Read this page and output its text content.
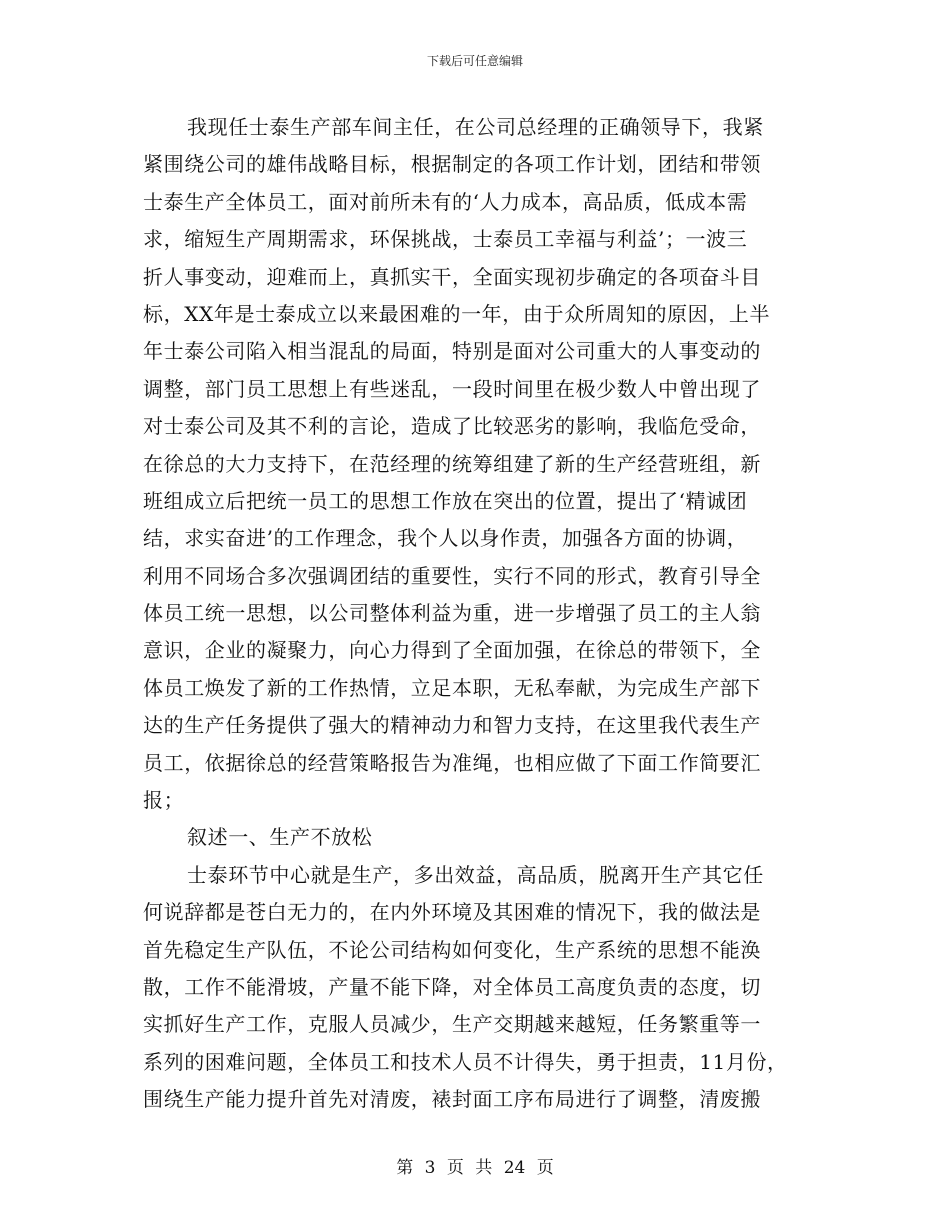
下载后可任意编辑
我现任士泰生产部车间主任，在公司总经理的正确领导下，我紧
紧围绕公司的雄伟战略目标，根据制定的各项工作计划，团结和带领
士泰生产全体员工，面对前所未有的‘人力成本，高品质，低成本需
求，缩短生产周期需求，环保挑战，士泰员工幸福与利益’；一波三
折人事变动，迎难而上，真抓实干，全面实现初步确定的各项奋斗目
标，XX年是士泰成立以来最困难的一年，由于众所周知的原因，上半
年士泰公司陷入相当混乱的局面，特别是面对公司重大的人事变动的
调整，部门员工思想上有些迷乱，一段时间里在极少数人中曾出现了
对士泰公司及其不利的言论，造成了比较恶劣的影响，我临危受命，
在徐总的大力支持下，在范经理的统筹组建了新的生产经营班组，新
班组成立后把统一员工的思想工作放在突出的位置，提出了‘精诚团
结，求实奋进’的工作理念，我个人以身作责，加强各方面的协调，
利用不同场合多次强调团结的重要性，实行不同的形式，教育引导全
体员工统一思想，以公司整体利益为重，进一步增强了员工的主人翁
意识，企业的凝聚力，向心力得到了全面加强，在徐总的带领下，全
体员工焕发了新的工作热情，立足本职，无私奉献，为完成生产部下
达的生产任务提供了强大的精神动力和智力支持，在这里我代表生产
员工，依据徐总的经营策略报告为准绳，也相应做了下面工作简要汇
报；
叙述一、生产不放松
士泰环节中心就是生产，多出效益，高品质，脱离开生产其它任
何说辞都是苍白无力的，在内外环境及其困难的情况下，我的做法是
首先稳定生产队伍，不论公司结构如何变化，生产系统的思想不能涣
散，工作不能滑坡，产量不能下降，对全体员工高度负责的态度，切
实抓好生产工作，克服人员减少，生产交期越来越短，任务繁重等一
系列的困难问题，全体员工和技术人员不计得失，勇于担责，11月份，
围绕生产能力提升首先对清废，裱封面工序布局进行了调整，清废搬
第 3 页 共 24 页
